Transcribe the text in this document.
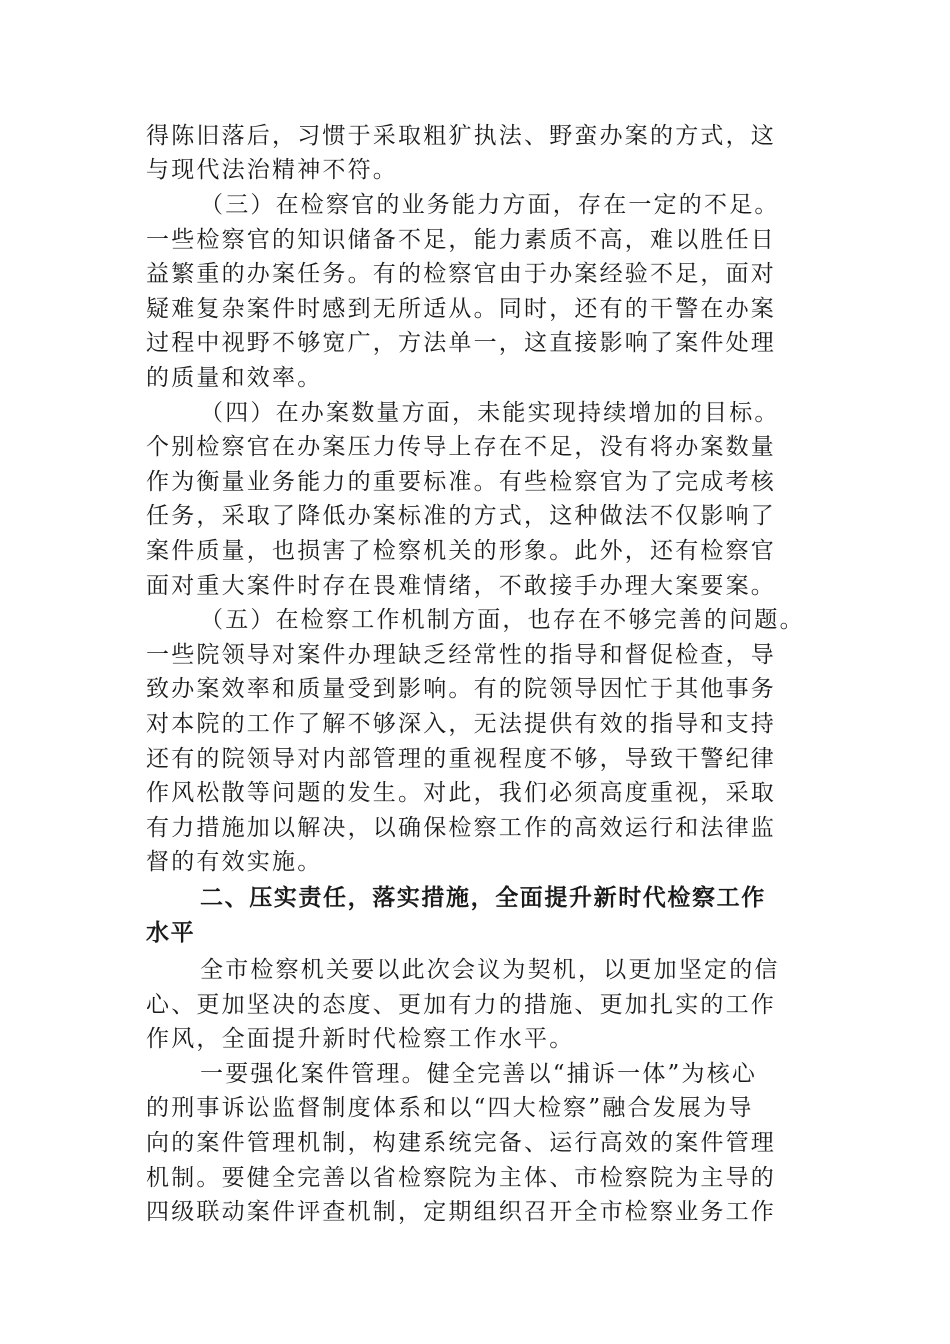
得陈旧落后，习惯于采取粗犷执法、野蛮办案的方式，这
与现代法治精神不符。
（三）在检察官的业务能力方面，存在一定的不足。
一些检察官的知识储备不足，能力素质不高，难以胜任日
益繁重的办案任务。有的检察官由于办案经验不足，面对
疑难复杂案件时感到无所适从。同时，还有的干警在办案
过程中视野不够宽广，方法单一，这直接影响了案件处理
的质量和效率。
（四）在办案数量方面，未能实现持续增加的目标。
个别检察官在办案压力传导上存在不足，没有将办案数量
作为衡量业务能力的重要标准。有些检察官为了完成考核
任务，采取了降低办案标准的方式，这种做法不仅影响了
案件质量，也损害了检察机关的形象。此外，还有检察官
面对重大案件时存在畏难情绪，不敢接手办理大案要案。
（五）在检察工作机制方面，也存在不够完善的问题。
一些院领导对案件办理缺乏经常性的指导和督促检查，导
致办案效率和质量受到影响。有的院领导因忙于其他事务
对本院的工作了解不够深入，无法提供有效的指导和支持
还有的院领导对内部管理的重视程度不够，导致干警纪律
作风松散等问题的发生。对此，我们必须高度重视，采取
有力措施加以解决，以确保检察工作的高效运行和法律监
督的有效实施。
二、压实责任，落实措施，全面提升新时代检察工作
水平
全市检察机关要以此次会议为契机，以更加坚定的信
心、更加坚决的态度、更加有力的措施、更加扎实的工作
作风，全面提升新时代检察工作水平。
一要强化案件管理。健全完善以“捕诉一体”为核心
的刑事诉讼监督制度体系和以“四大检察”融合发展为导
向的案件管理机制，构建系统完备、运行高效的案件管理
机制。要健全完善以省检察院为主体、市检察院为主导的
四级联动案件评查机制，定期组织召开全市检察业务工作
